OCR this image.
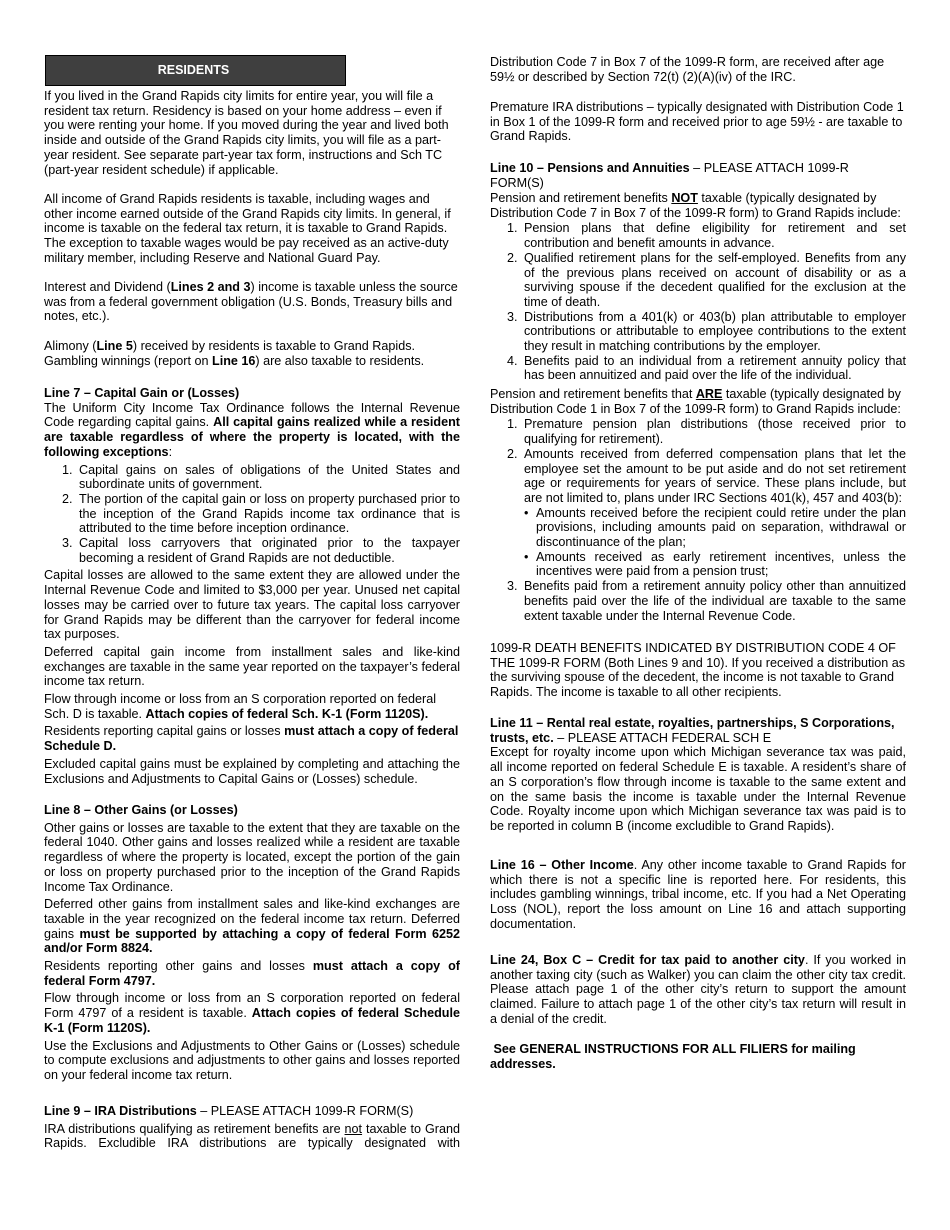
RESIDENTS
If you lived in the Grand Rapids city limits for entire year, you will file a resident tax return. Residency is based on your home address – even if you were renting your home. If you moved during the year and lived both inside and outside of the Grand Rapids city limits, you will file as a part-year resident. See separate part-year tax form, instructions and Sch TC (part-year resident schedule) if applicable.
All income of Grand Rapids residents is taxable, including wages and other income earned outside of the Grand Rapids city limits. In general, if income is taxable on the federal tax return, it is taxable to Grand Rapids. The exception to taxable wages would be pay received as an active-duty military member, including Reserve and National Guard Pay.
Interest and Dividend (Lines 2 and 3) income is taxable unless the source was from a federal government obligation (U.S. Bonds, Treasury bills and notes, etc.).
Alimony (Line 5) received by residents is taxable to Grand Rapids. Gambling winnings (report on Line 16) are also taxable to residents.
Line 7 – Capital Gain or (Losses)
The Uniform City Income Tax Ordinance follows the Internal Revenue Code regarding capital gains. All capital gains realized while a resident are taxable regardless of where the property is located, with the following exceptions:
Capital gains on sales of obligations of the United States and subordinate units of government.
The portion of the capital gain or loss on property purchased prior to the inception of the Grand Rapids income tax ordinance that is attributed to the time before inception ordinance.
Capital loss carryovers that originated prior to the taxpayer becoming a resident of Grand Rapids are not deductible.
Capital losses are allowed to the same extent they are allowed under the Internal Revenue Code and limited to $3,000 per year. Unused net capital losses may be carried over to future tax years. The capital loss carryover for Grand Rapids may be different than the carryover for federal income tax purposes.
Deferred capital gain income from installment sales and like-kind exchanges are taxable in the same year reported on the taxpayer’s federal income tax return.
Flow through income or loss from an S corporation reported on federal Sch. D is taxable. Attach copies of federal Sch. K-1 (Form 1120S).
Residents reporting capital gains or losses must attach a copy of federal Schedule D.
Excluded capital gains must be explained by completing and attaching the Exclusions and Adjustments to Capital Gains or (Losses) schedule.
Line 8 – Other Gains (or Losses)
Other gains or losses are taxable to the extent that they are taxable on the federal 1040. Other gains and losses realized while a resident are taxable regardless of where the property is located, except the portion of the gain or loss on property purchased prior to the inception of the Grand Rapids Income Tax Ordinance.
Deferred other gains from installment sales and like-kind exchanges are taxable in the year recognized on the federal income tax return. Deferred gains must be supported by attaching a copy of federal Form 6252 and/or Form 8824.
Residents reporting other gains and losses must attach a copy of federal Form 4797.
Flow through income or loss from an S corporation reported on federal Form 4797 of a resident is taxable. Attach copies of federal Schedule K-1 (Form 1120S).
Use the Exclusions and Adjustments to Other Gains or (Losses) schedule to compute exclusions and adjustments to other gains and losses reported on your federal income tax return.
Line 9 – IRA Distributions – PLEASE ATTACH 1099-R FORM(S)
IRA distributions qualifying as retirement benefits are not taxable to Grand Rapids. Excludible IRA distributions are typically designated with
Distribution Code 7 in Box 7 of the 1099-R form, are received after age 59½ or described by Section 72(t) (2)(A)(iv) of the IRC.
Premature IRA distributions – typically designated with Distribution Code 1 in Box 1 of the 1099-R form and received prior to age 59½ - are taxable to Grand Rapids.
Line 10 – Pensions and Annuities – PLEASE ATTACH 1099-R FORM(S)
Pension and retirement benefits NOT taxable (typically designated by Distribution Code 7 in Box 7 of the 1099-R form) to Grand Rapids include:
Pension plans that define eligibility for retirement and set contribution and benefit amounts in advance.
Qualified retirement plans for the self-employed. Benefits from any of the previous plans received on account of disability or as a surviving spouse if the decedent qualified for the exclusion at the time of death.
Distributions from a 401(k) or 403(b) plan attributable to employer contributions or attributable to employee contributions to the extent they result in matching contributions by the employer.
Benefits paid to an individual from a retirement annuity policy that has been annuitized and paid over the life of the individual.
Pension and retirement benefits that ARE taxable (typically designated by Distribution Code 1 in Box 7 of the 1099-R form) to Grand Rapids include:
Premature pension plan distributions (those received prior to qualifying for retirement).
Amounts received from deferred compensation plans that let the employee set the amount to be put aside and do not set retirement age or requirements for years of service. These plans include, but are not limited to, plans under IRC Sections 401(k), 457 and 403(b):
• Amounts received before the recipient could retire under the plan provisions, including amounts paid on separation, withdrawal or discontinuance of the plan;
• Amounts received as early retirement incentives, unless the incentives were paid from a pension trust;
Benefits paid from a retirement annuity policy other than annuitized benefits paid over the life of the individual are taxable to the same extent taxable under the Internal Revenue Code.
1099-R DEATH BENEFITS INDICATED BY DISTRIBUTION CODE 4 OF THE 1099-R FORM (Both Lines 9 and 10). If you received a distribution as the surviving spouse of the decedent, the income is not taxable to Grand Rapids. The income is taxable to all other recipients.
Line 11 – Rental real estate, royalties, partnerships, S Corporations, trusts, etc. – PLEASE ATTACH FEDERAL SCH E
Except for royalty income upon which Michigan severance tax was paid, all income reported on federal Schedule E is taxable. A resident’s share of an S corporation’s flow through income is taxable to the same extent and on the same basis the income is taxable under the Internal Revenue Code. Royalty income upon which Michigan severance tax was paid is to be reported in column B (income excludible to Grand Rapids).
Line 16 – Other Income. Any other income taxable to Grand Rapids for which there is not a specific line is reported here. For residents, this includes gambling winnings, tribal income, etc. If you had a Net Operating Loss (NOL), report the loss amount on Line 16 and attach supporting documentation.
Line 24, Box C – Credit for tax paid to another city. If you worked in another taxing city (such as Walker) you can claim the other city tax credit. Please attach page 1 of the other city’s return to support the amount claimed. Failure to attach page 1 of the other city’s tax return will result in a denial of the credit.
See GENERAL INSTRUCTIONS FOR ALL FILIERS for mailing addresses.
